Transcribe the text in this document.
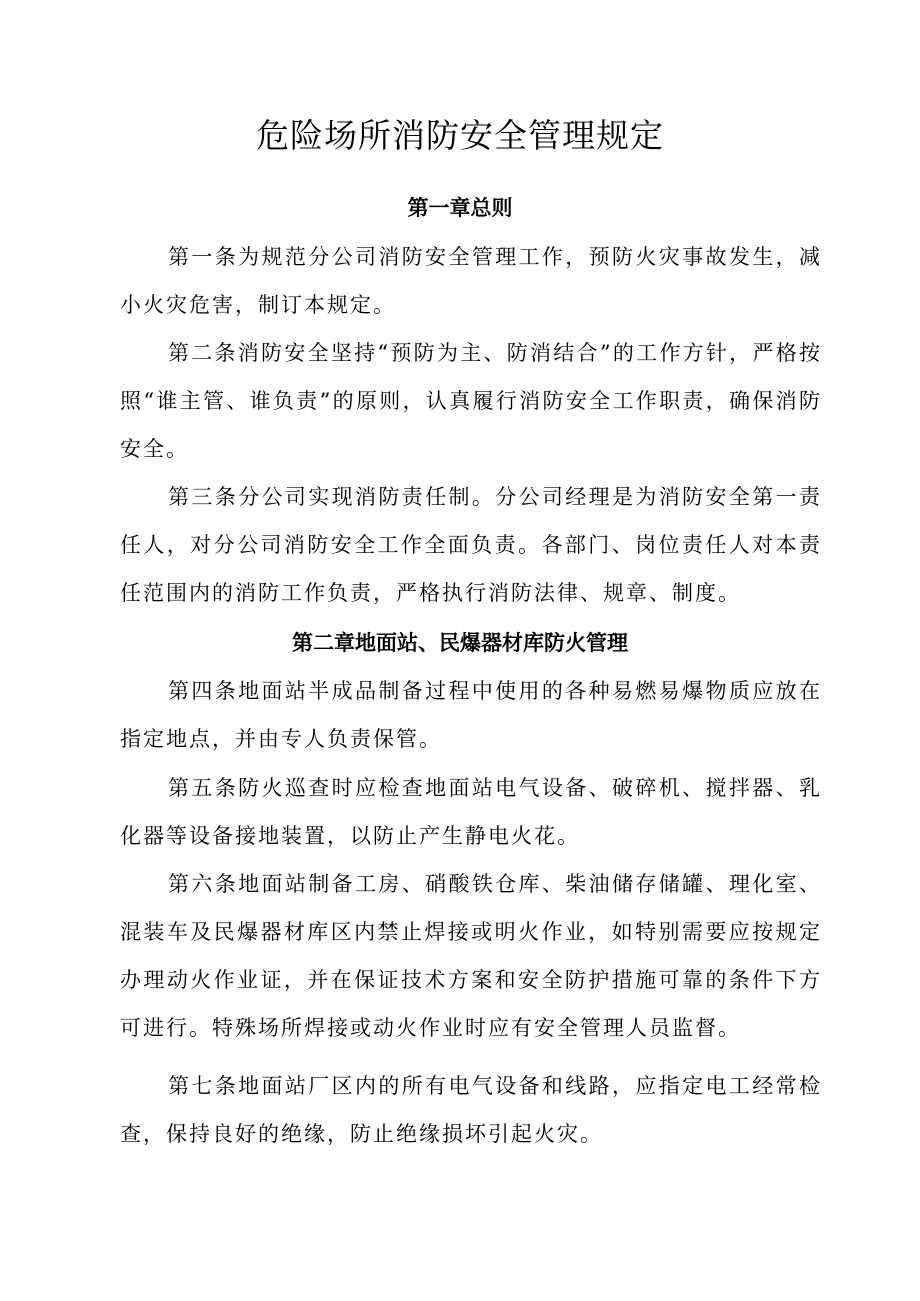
危险场所消防安全管理规定
第一章总则

第一条为规范分公司消防安全管理工作，预防火灾事故发生，减小火灾危害，制订本规定。

第二条消防安全坚持“预防为主、防消结合”的工作方针，严格按照“谁主管、谁负责”的原则，认真履行消防安全工作职责，确保消防安全。

第三条分公司实现消防责任制。分公司经理是为消防安全第一责任人，对分公司消防安全工作全面负责。各部门、岗位责任人对本责任范围内的消防工作负责，严格执行消防法律、规章、制度。

第二章地面站、民爆器材库防火管理

第四条地面站半成品制备过程中使用的各种易燃易爆物质应放在指定地点，并由专人负责保管。

第五条防火巡查时应检查地面站电气设备、破碎机、搅拌器、乳化器等设备接地装置，以防止产生静电火花。

第六条地面站制备工房、硝酸铁仓库、柴油储存储罐、理化室、混装车及民爆器材库区内禁止焊接或明火作业，如特别需要应按规定办理动火作业证，并在保证技术方案和安全防护措施可靠的条件下方可进行。特殊场所焊接或动火作业时应有安全管理人员监督。

第七条地面站厂区内的所有电气设备和线路，应指定电工经常检查，保持良好的绝缘，防止绝缘损坏引起火灾。
